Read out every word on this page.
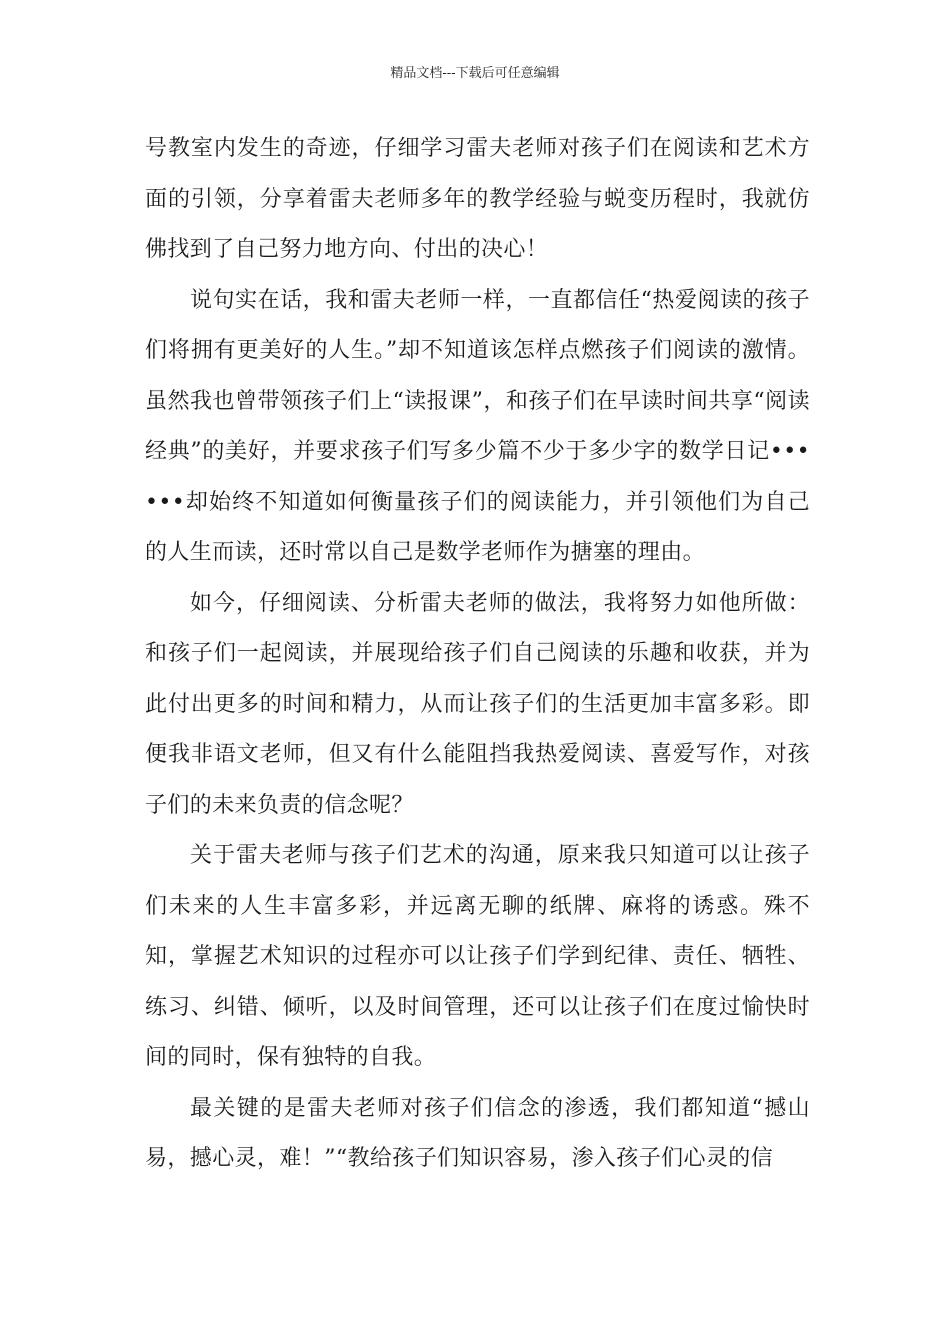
精品文档---下载后可任意编辑

号教室内发生的奇迹，仔细学习雷夫老师对孩子们在阅读和艺术方面的引领，分享着雷夫老师多年的教学经验与蜕变历程时，我就仿佛找到了自己努力地方向、付出的决心！

说句实在话，我和雷夫老师一样，一直都信任“热爱阅读的孩子们将拥有更美好的人生。”却不知道该怎样点燃孩子们阅读的激情。虽然我也曾带领孩子们上“读报课”，和孩子们在早读时间共享“阅读经典”的美好，并要求孩子们写多少篇不少于多少字的数学日记••••••却始终不知道如何衡量孩子们的阅读能力，并引领他们为自己的人生而读，还时常以自己是数学老师作为搪塞的理由。

如今，仔细阅读、分析雷夫老师的做法，我将努力如他所做：和孩子们一起阅读，并展现给孩子们自己阅读的乐趣和收获，并为此付出更多的时间和精力，从而让孩子们的生活更加丰富多彩。即便我非语文老师，但又有什么能阻挡我热爱阅读、喜爱写作，对孩子们的未来负责的信念呢？

关于雷夫老师与孩子们艺术的沟通，原来我只知道可以让孩子们未来的人生丰富多彩，并远离无聊的纸牌、麻将的诱惑。殊不知，掌握艺术知识的过程亦可以让孩子们学到纪律、责任、牺牲、练习、纠错、倾听，以及时间管理，还可以让孩子们在度过愉快时间的同时，保有独特的自我。

最关键的是雷夫老师对孩子们信念的渗透，我们都知道“撼山易，撼心灵，难！”“教给孩子们知识容易，渗入孩子们心灵的信
